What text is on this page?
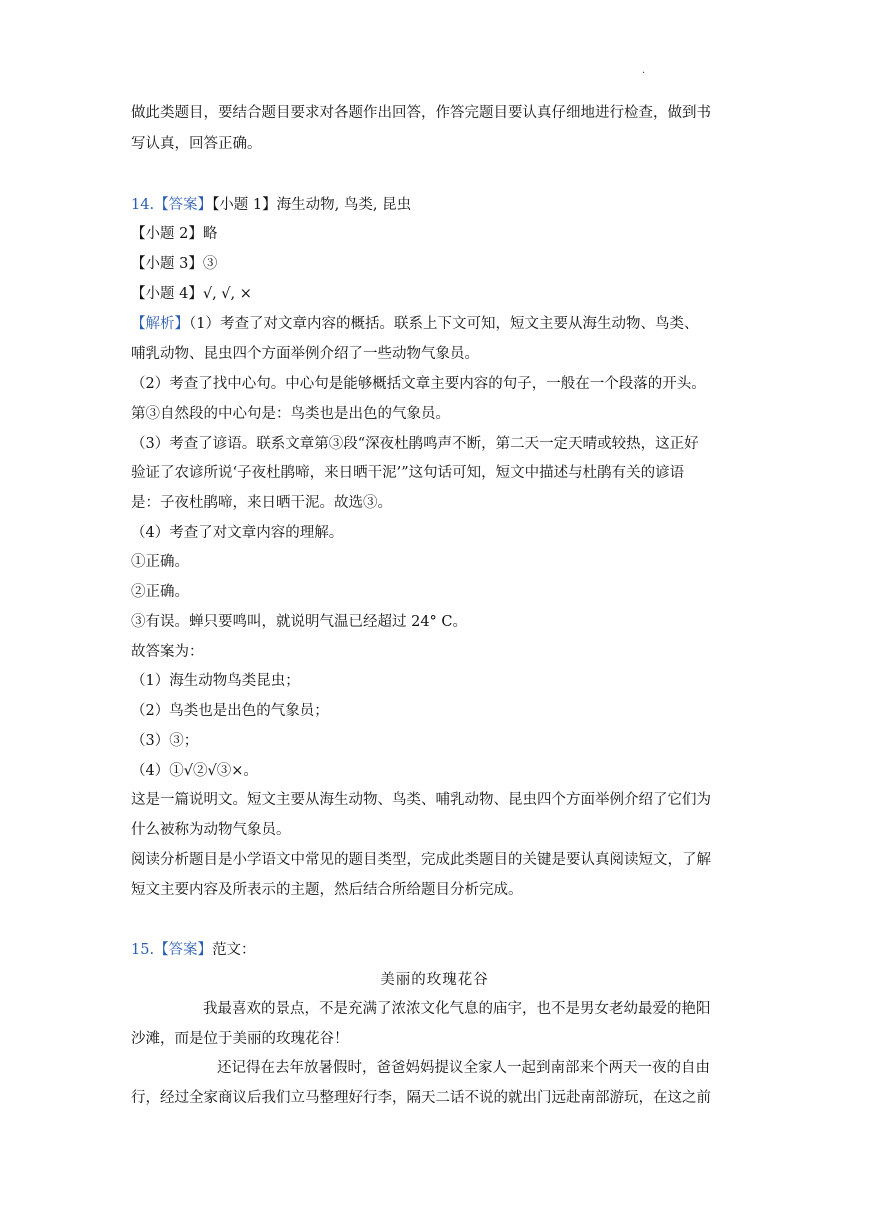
·
做此类题目，要结合题目要求对各题作出回答，作答完题目要认真仔细地进行检查，做到书
写认真，回答正确。
14.【答案】【小题 1】海生动物, 鸟类, 昆虫
【小题 2】略
【小题 3】③
【小题 4】√, √, ×
【解析】（1）考查了对文章内容的概括。联系上下文可知，短文主要从海生动物、鸟类、
哺乳动物、昆虫四个方面举例介绍了一些动物气象员。
（2）考查了找中心句。中心句是能够概括文章主要内容的句子，一般在一个段落的开头。
第③自然段的中心句是：鸟类也是出色的气象员。
（3）考查了谚语。联系文章第③段“深夜杜鹃鸣声不断，第二天一定天晴或较热，这正好
验证了农谚所说‘子夜杜鹃啼，来日晒干泥’”这句话可知，短文中描述与杜鹃有关的谚语
是：子夜杜鹃啼，来日晒干泥。故选③。
（4）考查了对文章内容的理解。
①正确。
②正确。
③有误。蝉只要鸣叫，就说明气温已经超过 24° C。
故答案为：
（1）海生动物鸟类昆虫；
（2）鸟类也是出色的气象员；
（3）③；
（4）①√②√③×。
这是一篇说明文。短文主要从海生动物、鸟类、哺乳动物、昆虫四个方面举例介绍了它们为
什么被称为动物气象员。
阅读分析题目是小学语文中常见的题目类型，完成此类题目的关键是要认真阅读短文，了解
短文主要内容及所表示的主题，然后结合所给题目分析完成。
15.【答案】范文：
美丽的玫瑰花谷
我最喜欢的景点，不是充满了浓浓文化气息的庙宇，也不是男女老幼最爱的艳阳
沙滩，而是位于美丽的玫瑰花谷！
还记得在去年放暑假时，爸爸妈妈提议全家人一起到南部来个两天一夜的自由
行，经过全家商议后我们立马整理好行李，隔天二话不说的就出门远赴南部游玩，在这之前
